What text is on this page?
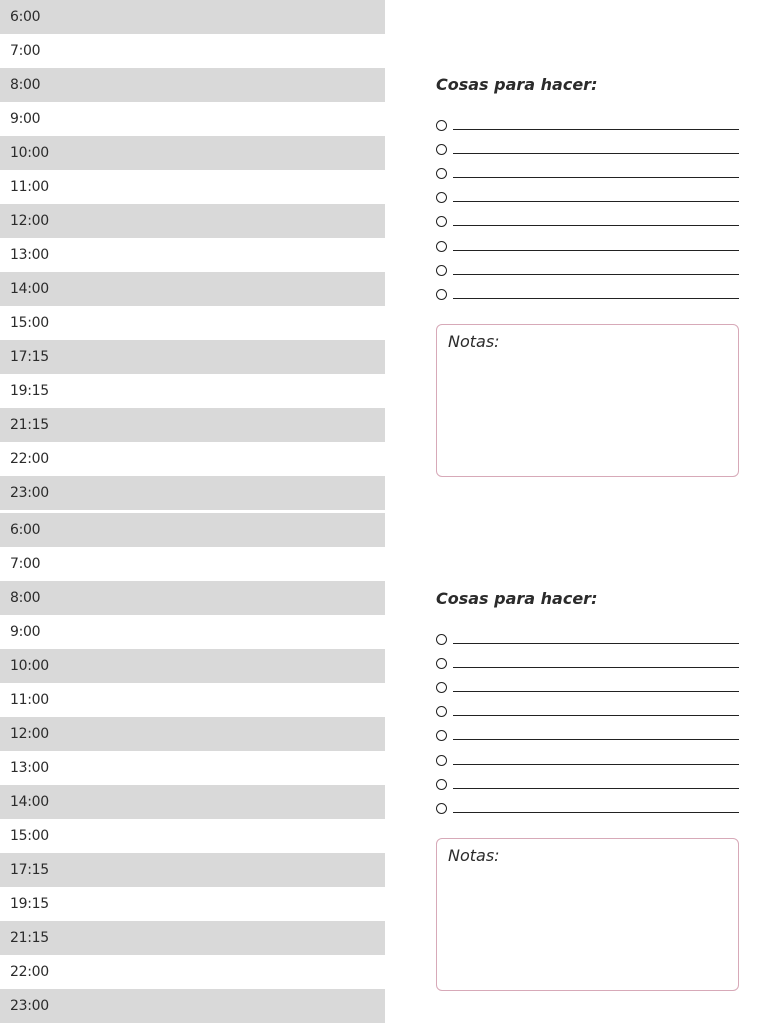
6:00
7:00
8:00
9:00
10:00
11:00
12:00
13:00
14:00
15:00
17:15
19:15
21:15
22:00
23:00
Cosas para hacer:
Notas:
6:00
7:00
8:00
9:00
10:00
11:00
12:00
13:00
14:00
15:00
17:15
19:15
21:15
22:00
23:00
Cosas para hacer:
Notas:
